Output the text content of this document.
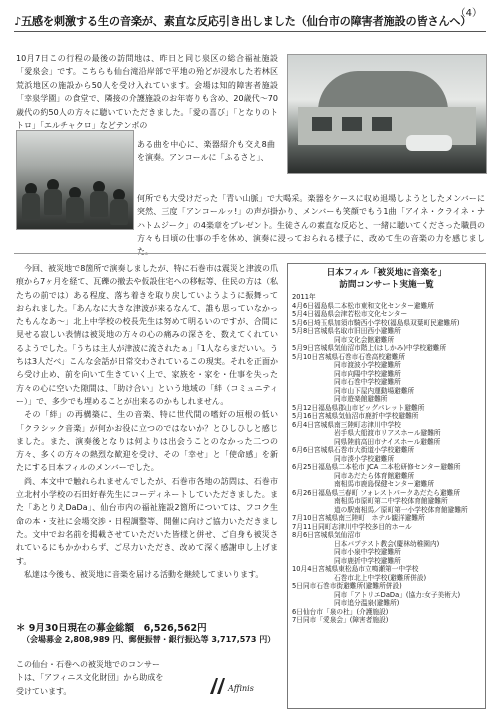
（4）
♪五感を刺激する生の音楽が、素直な反応引き出しました（仙台市の障害者施設の皆さんへ）
10月7日この行程の最後の訪問地は、昨日と同じ泉区の総合福祉施設「愛泉会」です。こちらも仙台滝沿岸部で平地の殆どが浸水した若林区荒浜地区の施設から50人を受け入れています。会場は知的障害者施設「幸泉学園」の食堂で、隣接の介護施設のお年寄りも含め、20歳代〜70歳代の約50人の方々に聴いていただきました。「愛の喜び」「となりのトトロ」「エルチャクロ」などテンポの
ある曲を中心に、楽器紹介も交え8曲を演奏。アンコールに「ふるさと」、
何所でも大受けだった「青い山脈」で大喝采。楽器をケースに収め退場しようとしたメンバーに突然、三度「アンコールッ!」の声が掛かり、メンバーも笑顔でもう1曲「アイネ・クライネ・ナハトムジーク」の4楽章をプレゼント。生徒さんの素直な反応と、一緒に聴いてくださった職員の方々も日頃の仕事の手を休め、演奏に浸っておられる様子に、改めて生の音楽の力を感じました。

今回、被災地で8箇所で演奏しましたが、特に石巻市は震災と津波の爪痕から7ヶ月を経て、瓦礫の撤去や仮設住宅への移転等、住民の方は（私たちの前では）ある程度、落ち着きを取り戻していようように振舞っておられました。「あんなに大きな津波が来るなんて、誰も思っていなかったもんなあ〜」北上中学校の校長先生は努めて明るいのですが、合間に見せる寂しい表情は被災地の方々の心の痛みの深さを、数えてくれているようでした。「うちは主人が津波に流されたぁ」「1人ならまだいい。うちは3人だべ」こんな会話が日常交わされているこの現実。それを正面から受け止め、前を向いて生きていく上で、家族を・家を・仕事を失った方々の心に空いた隙間は、「助け合い」という地域の「絆（コミュニティー）」で、多少でも埋めることが出来るのかもしれません。

その「絆」の再構築に、生の音楽、特に世代間の嗜好の垣根の低い「クラシック音楽」が何かお役に立つのではないか？とひしひしと感じました。また、演奏後となりは何よりは出会うことのなかった二つの方々、多くの方々の熱烈な歓迎を受け、その「幸せ」と「使命感」を新たにする日本フィルのメンバーでした。

尚、本文中で触れられませんでしたが、石巻市各地の訪問は、石巻市立北村小学校の石田好春先生にコーディネートしていただきました。また「あとりえDaDa」、仙台市内の福祉施設2箇所については、フコク生命の本・支社に会場交渉・日程調整等、開催に向けご協力いただきました。文中でお名前を掲載させていただいた皆様と併せ、ご自身も被災されているにもかかわらず、ご尽力いただき、改めて深く感謝申し上げます。

私達は今後も、被災地に音楽を届ける活動を継続してまいります。

＊ 9月30日現在の募金総額　6,526,562円
（会場募金 2,808,989 円、郵便振替・銀行振込等 3,717,573 円）
この仙台・石巻への被災地でのコンサートは、「アフィニス文化財団」から助成を受けています。	Affinis
日本フィル「被災地に音楽を」
訪問コンサート実施一覧
2011年
4月6日 福島県二本松市東和文化センター避難所
5月4日 福島県会津若松市文化センター
5月6日 埼玉県加須市騎西小学校(福島県双葉町民避難所)
5月8日 宮城県名取市旧田西小避難所
同市文化会館避難所
5月9日 宮城県気仙沼市階上(はしかみ)中学校避難所
5月10日 宮城県石巻市石巻高校避難所
同市渡波小学校避難所
同市向陽中学校避難所
同市石巻中学校避難所
同市山下屋内運動場避難所
同市遊楽館避難所
5月12日 福島県郡山市ビッグパレット避難所
5月16日 宮城県気仙沼市鹿折中学校避難所
6月4日 宮城県南三陸町志津川中学校
岩手県大船渡市リアスホール避難所
同県陸前高田市ナイスホール避難所
6月6日 宮城県石巻市大街道小学校避難所
同市湊小学校避難所
6月25日 福島県二本松市 JCA 二本松研修センター避難所
同市あだたら体育館避難所
南相馬市鹿島保健センター避難所
6月26日 福島県三春町 フォレストパークあだたら避難所
南相馬市原町第二中学校体育館避難所
道の駅南相馬／原町第一小学校体育館避難所
7月10日 宮城県南三陸町　ホテル観洋避難所
7月11日 同町志津川中学校多目的ホール
8月6日 宮城県気仙沼市
日本バプテスト教会(慶林幼稚園内)
同市小泉中学校避難所
同市鹿折中学校避難所
10月4日 宮城県東松島市立鳴瀬第一中学校
石巻市北上中学校(避難所併設)
5日 同市石巻市街避難所(避難所併設)
同市「アトリエDaDa」(協力:女子美術大)
同市追分温泉(避難所)
6日 仙台市「泉の杜」(介護施設)
7日 同市「愛泉会」(障害者施設)
